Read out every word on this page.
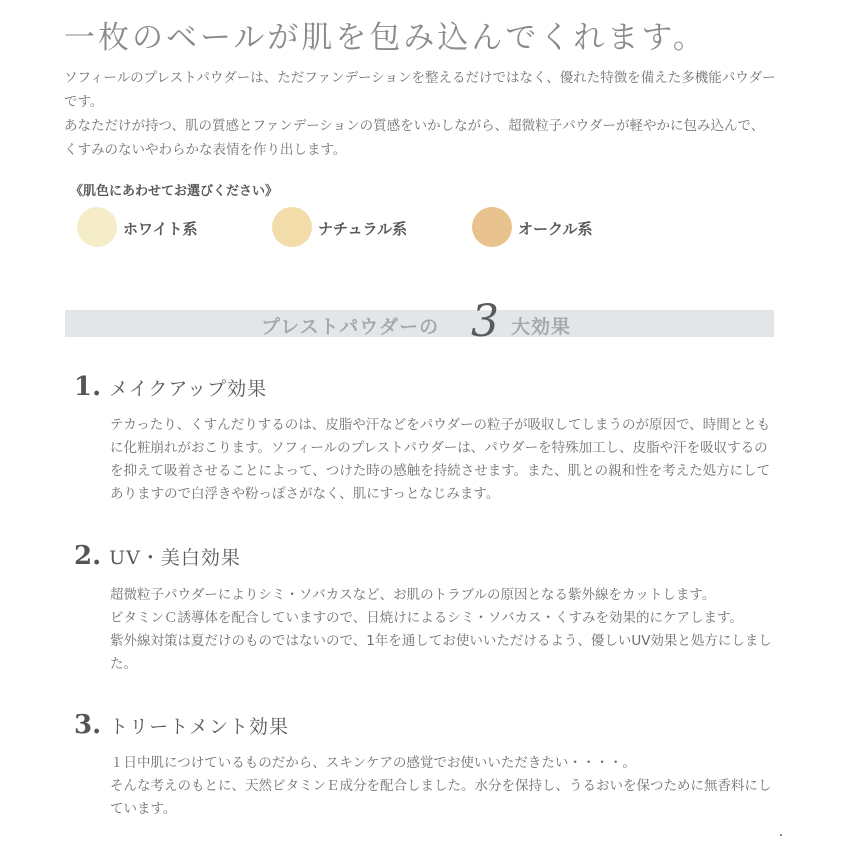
一枚のベールが肌を包み込んでくれます。

ソフィールのプレストパウダーは、ただファンデーションを整えるだけではなく、優れた特徴を備えた多機能パウダーです。

あなただけが持つ、肌の質感とファンデーションの質感をいかしながら、超微粒子パウダーが軽やかに包み込んで、くすみのないやわらかな表情を作り出します。

《肌色にあわせてお選びください》
ホワイト系	ナチュラル系	オークル系
プレストパウダーの 3 大効果
1. メイクアップ効果

テカったり、くすんだりするのは、皮脂や汗などをパウダーの粒子が吸収してしまうのが原因で、時間とともに化粧崩れがおこります。ソフィールのプレストパウダーは、パウダーを特殊加工し、皮脂や汗を吸収するのを抑えて吸着させることによって、つけた時の感触を持続させます。また、肌との親和性を考えた処方にしてありますので白浮きや粉っぽさがなく、肌にすっとなじみます。

2. UV・美白効果

超微粒子パウダーによりシミ・ソバカスなど、お肌のトラブルの原因となる紫外線をカットします。

ビタミンＣ誘導体を配合していますので、日焼けによるシミ・ソバカス・くすみを効果的にケアします。

紫外線対策は夏だけのものではないので、1年を通してお使いいただけるよう、優しいUV効果と処方にしました。

3. トリートメント効果

１日中肌につけているものだから、スキンケアの感覚でお使いいただきたい・・・・。

そんな考えのもとに、天然ビタミンＥ成分を配合しました。水分を保持し、うるおいを保つために無香料にしています。
